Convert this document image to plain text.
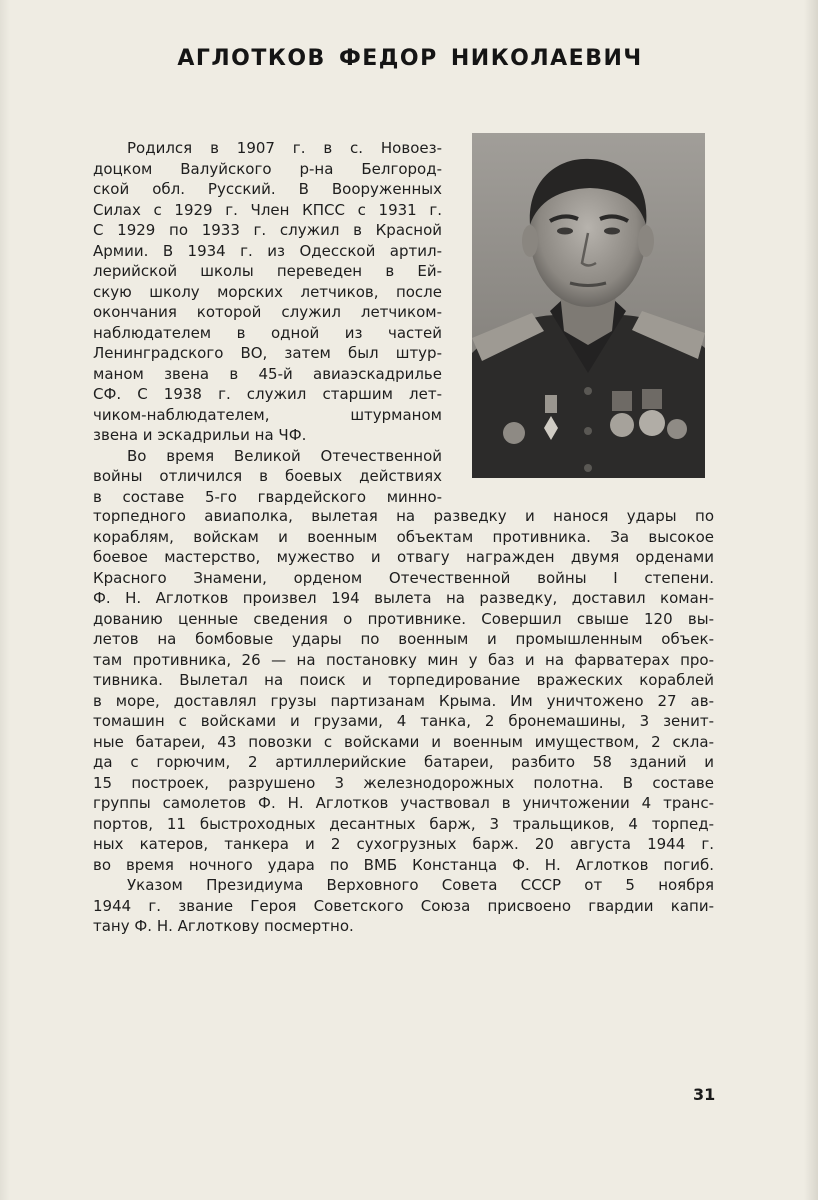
АГЛОТКОВ ФЕДОР НИКОЛАЕВИЧ
Родился в 1907 г. в с. Новоез-
доцком Валуйского р-на Белгород-
ской обл. Русский. В Вооруженных
Силах с 1929 г. Член КПСС с 1931 г.
С 1929 по 1933 г. служил в Красной
Армии. В 1934 г. из Одесской артил-
лерийской школы переведен в Ей-
скую школу морских летчиков, после
окончания которой служил летчиком-
наблюдателем в одной из частей
Ленинградского ВО, затем был штур-
маном звена в 45-й авиаэскадрилье
СФ. С 1938 г. служил старшим лет-
чиком-наблюдателем, штурманом
звена и эскадрильи на ЧФ.
Во время Великой Отечественной
войны отличился в боевых действиях
в составе 5-го гвардейского минно-
торпедного авиаполка, вылетая на разведку и нанося удары по
кораблям, войскам и военным объектам противника. За высокое
боевое мастерство, мужество и отвагу награжден двумя орденами
Красного Знамени, орденом Отечественной войны I степени.
Ф. Н. Аглотков произвел 194 вылета на разведку, доставил коман-
дованию ценные сведения о противнике. Совершил свыше 120 вы-
летов на бомбовые удары по военным и промышленным объек-
там противника, 26 — на постановку мин у баз и на фарватерах про-
тивника. Вылетал на поиск и торпедирование вражеских кораблей
в море, доставлял грузы партизанам Крыма. Им уничтожено 27 ав-
томашин с войсками и грузами, 4 танка, 2 бронемашины, 3 зенит-
ные батареи, 43 повозки с войсками и военным имуществом, 2 скла-
да с горючим, 2 артиллерийские батареи, разбито 58 зданий и
15 построек, разрушено 3 железнодорожных полотна. В составе
группы самолетов Ф. Н. Аглотков участвовал в уничтожении 4 транс-
портов, 11 быстроходных десантных барж, 3 тральщиков, 4 торпед-
ных катеров, танкера и 2 сухогрузных барж. 20 августа 1944 г.
во время ночного удара по ВМБ Констанца Ф. Н. Аглотков погиб.
Указом Президиума Верховного Совета СССР от 5 ноября
1944 г. звание Героя Советского Союза присвоено гвардии капи-
тану Ф. Н. Аглоткову посмертно.
31
